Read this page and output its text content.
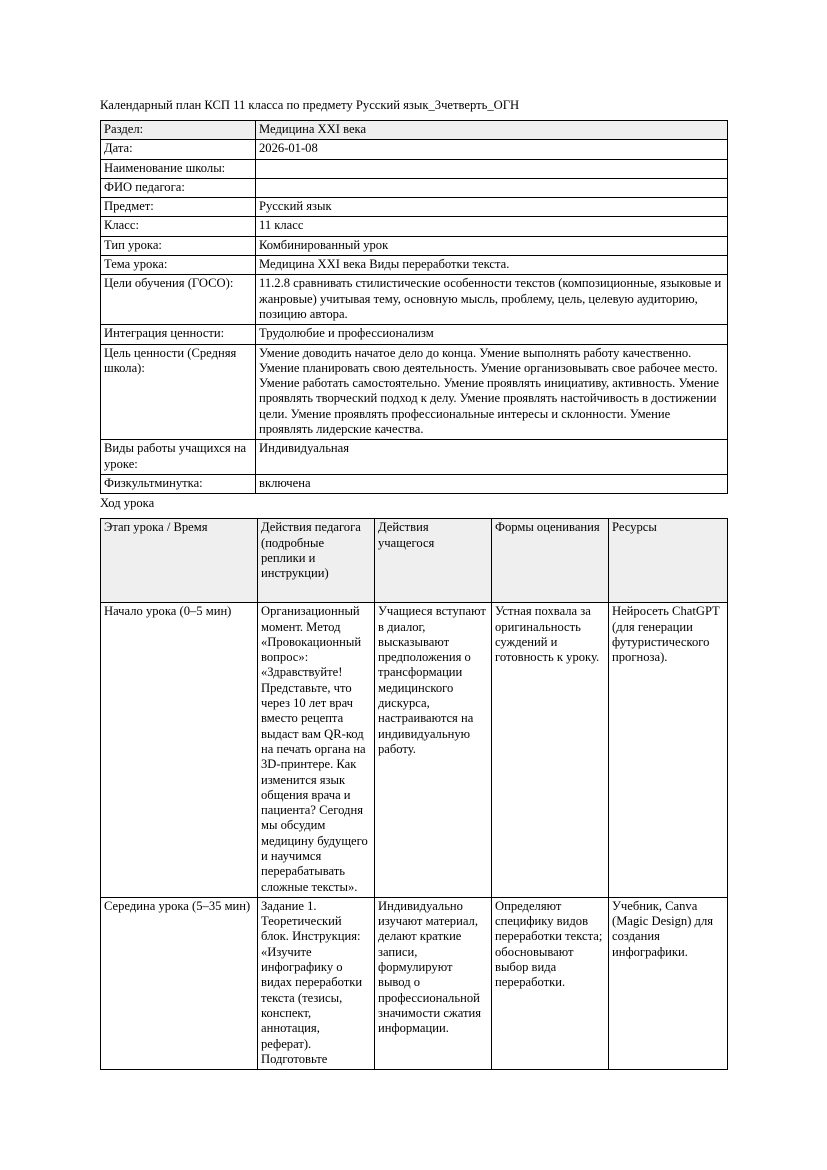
Календарный план КСП 11 класса по предмету Русский язык_3четверть_ОГН

Раздел:	Медицина XXI века
Дата:	2026-01-08
Наименование школы:	
ФИО педагога:	
Предмет:	Русский язык
Класс:	11 класс
Тип урока:	Комбинированный урок
Тема урока:	Медицина XXI века Виды переработки текста.
Цели обучения (ГОСО):	11.2.8 сравнивать стилистические особенности текстов (композиционные, языковые и жанровые) учитывая тему, основную мысль, проблему, цель, целевую аудиторию, позицию автора.
Интеграция ценности:	Трудолюбие и профессионализм
Цель ценности (Средняя школа):	Умение доводить начатое дело до конца. Умение выполнять работу качественно. Умение планировать свою деятельность. Умение организовывать свое рабочее место. Умение работать самостоятельно. Умение проявлять инициативу, активность. Умение проявлять творческий подход к делу. Умение проявлять настойчивость в достижении цели. Умение проявлять профессиональные интересы и склонности. Умение проявлять лидерские качества.
Виды работы учащихся на уроке:	Индивидуальная
Физкультминутка:	включена

Ход урока

Этап урока / Время	Действия педагога (подробные реплики и инструкции)	Действия учащегося	Формы оценивания	Ресурсы
Начало урока (0–5 мин)	Организационный момент. Метод «Провокационный вопрос»: «Здравствуйте! Представьте, что через 10 лет врач вместо рецепта выдаст вам QR-код на печать органа на 3D-принтере. Как изменится язык общения врача и пациента? Сегодня мы обсудим медицину будущего и научимся перерабатывать сложные тексты».	Учащиеся вступают в диалог, высказывают предположения о трансформации медицинского дискурса, настраиваются на индивидуальную работу.	Устная похвала за оригинальность суждений и готовность к уроку.	Нейросеть ChatGPT (для генерации футуристического прогноза).
Середина урока (5–35 мин)	Задание 1. Теоретический блок. Инструкция: «Изучите инфографику о видах переработки текста (тезисы, конспект, аннотация, реферат). Подготовьте	Индивидуально изучают материал, делают краткие записи, формулируют вывод о профессиональной значимости сжатия информации.	Определяют специфику видов переработки текста; обосновывают выбор вида переработки.	Учебник, Canva (Magic Design) для создания инфографики.
